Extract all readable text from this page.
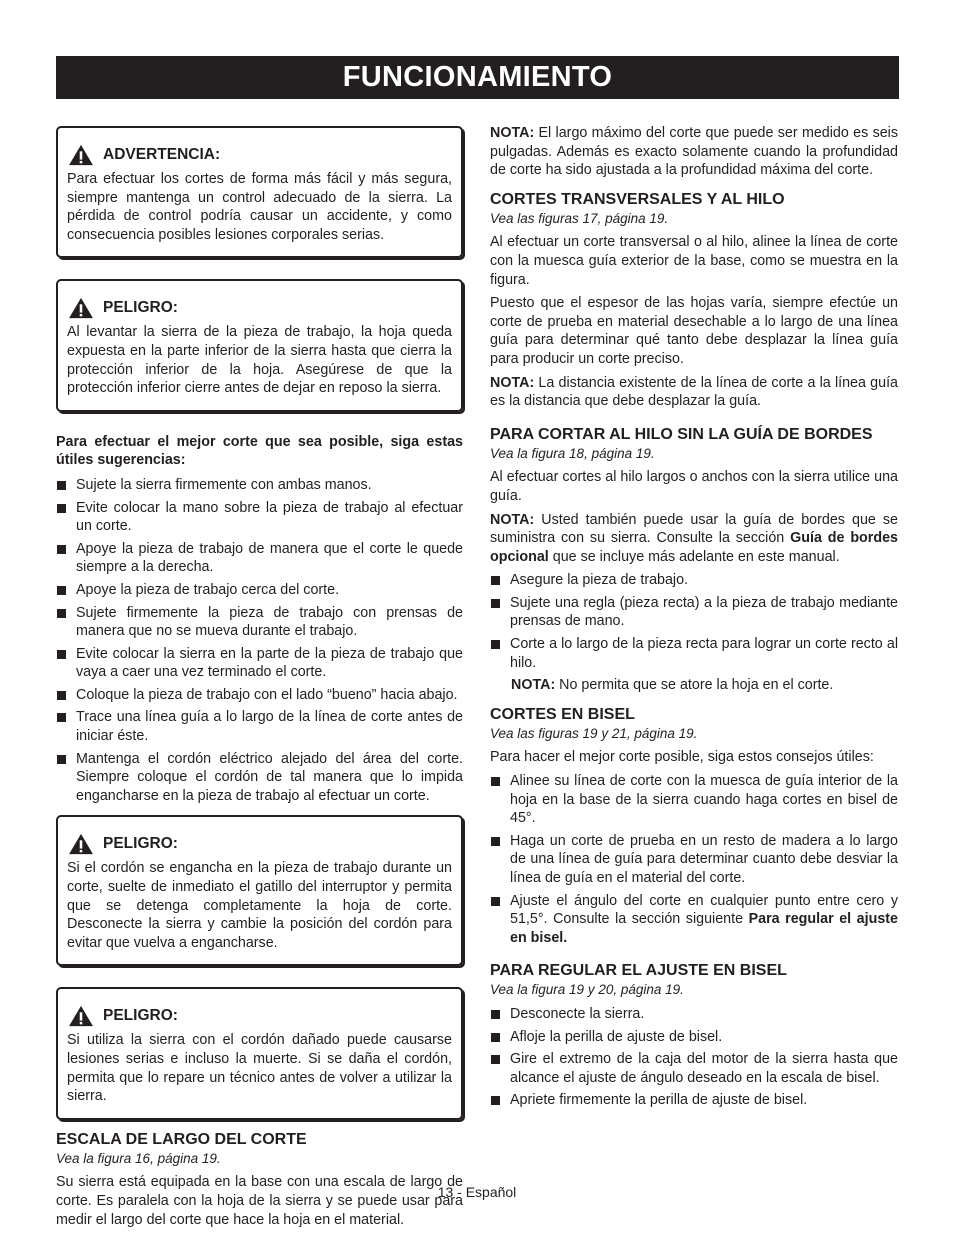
FUNCIONAMIENTO
ADVERTENCIA:

Para efectuar los cortes de forma más fácil y más segura, siempre mantenga un control adecuado de la sierra. La pérdida de control podría causar un accidente, y como consecuencia posibles lesiones corporales serias.

PELIGRO:

Al levantar la sierra de la pieza de trabajo, la hoja queda expuesta en la parte inferior de la sierra hasta que cierra la protección inferior de la hoja. Asegúrese de que la protección inferior cierre antes de dejar en reposo la sierra.

Para efectuar el mejor corte que sea posible, siga estas útiles sugerencias:

Sujete la sierra firmemente con ambas manos.
Evite colocar la mano sobre la pieza de trabajo al efectuar un corte.
Apoye la pieza de trabajo de manera que el corte le quede siempre a la derecha.
Apoye la pieza de trabajo cerca del corte.
Sujete firmemente la pieza de trabajo con prensas de manera que no se mueva durante el trabajo.
Evite colocar la sierra en la parte de la pieza de trabajo que vaya a caer una vez terminado el corte.
Coloque la pieza de trabajo con el lado “bueno” hacia abajo.
Trace una línea guía a lo largo de la línea de corte antes de iniciar éste.
Mantenga el cordón eléctrico alejado del área del corte. Siempre coloque el cordón de tal manera que lo impida engancharse en la pieza de trabajo al efectuar un corte.
PELIGRO:

Si el cordón se engancha en la pieza de trabajo durante un corte, suelte de inmediato el gatillo del interruptor y permita que se detenga completamente la hoja de corte. Desconecte la sierra y cambie la posición del cordón para evitar que vuelva a engancharse.

PELIGRO:

Si utiliza la sierra con el cordón dañado puede causarse lesiones serias e incluso la muerte. Si se daña el cordón, permita que lo repare un técnico antes de volver a utilizar la sierra.

ESCALA DE LARGO DEL CORTE

Vea la figura 16, página 19.

Su sierra está equipada en la base con una escala de largo de corte. Es paralela con la hoja de la sierra y se puede usar para medir el largo del corte que hace la hoja en el material.

NOTA: El largo máximo del corte que puede ser medido es seis pulgadas. Además es exacto solamente cuando la profundidad de corte ha sido ajustada a la profundidad máxima del corte.

CORTES TRANSVERSALES Y AL HILO

Vea las figuras 17, página 19.

Al efectuar un corte transversal o al hilo, alinee la línea de corte con la muesca guía exterior de la base, como se muestra en la figura.

Puesto que el espesor de las hojas varía, siempre efectúe un corte de prueba en material desechable a lo largo de una línea guía para determinar qué tanto debe desplazar la línea guía para producir un corte preciso.

NOTA: La distancia existente de la línea de corte a la línea guía es la distancia que debe desplazar la guía.

PARA CORTAR AL HILO SIN LA GUÍA DE BORDES

Vea la figura 18, página 19.

Al efectuar cortes al hilo largos o anchos con la sierra utilice una guía.

NOTA: Usted también puede usar la guía de bordes que se suministra con su sierra. Consulte la sección Guía de bordes opcional que se incluye más adelante en este manual.

Asegure la pieza de trabajo.
Sujete una regla (pieza recta) a la pieza de trabajo mediante prensas de mano.
Corte a lo largo de la pieza recta para lograr un corte recto al hilo.

NOTA: No permita que se atore la hoja en el corte.

CORTES EN BISEL

Vea las figuras 19 y 21, página 19.

Para hacer el mejor corte posible, siga estos consejos útiles:

Alinee su línea de corte con la muesca de guía interior de la hoja en la base de la sierra cuando haga cortes en bisel de 45°.
Haga un corte de prueba en un resto de madera a lo largo de una línea de guía para determinar cuanto debe desviar la línea de guía en el material del corte.
Ajuste el ángulo del corte en cualquier punto entre cero y 51,5°. Consulte la sección siguiente Para regular el ajuste en bisel.
PARA REGULAR EL AJUSTE EN BISEL

Vea la figura 19 y 20, página 19.

Desconecte la sierra.
Afloje la perilla de ajuste de bisel.
Gire el extremo de la caja del motor de la sierra hasta que alcance el ajuste de ángulo deseado en la escala de bisel.
Apriete firmemente la perilla de ajuste de bisel.
13 - Español
